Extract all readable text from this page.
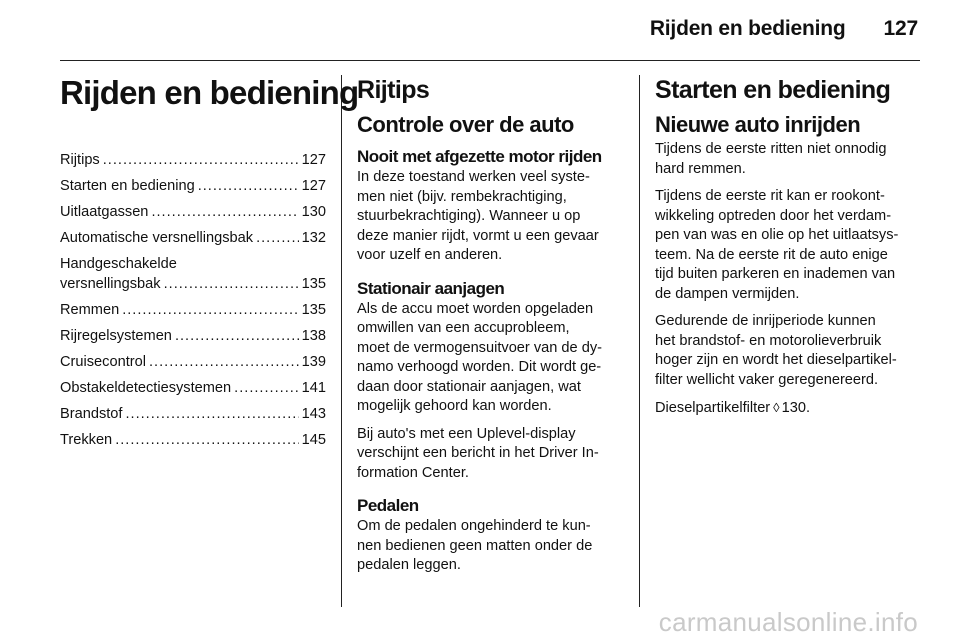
Rijden en bediening 127
Rijden en bediening
Rijtips .....	127
Starten en bediening .....	127
Uitlaatgassen .....	130
Automatische versnellingsbak .....	132
Handgeschakelde
versnellingsbak .....	135
Remmen .....	135
Rijregelsystemen .....	138
Cruisecontrol .....	139
Obstakeldetectiesystemen .....	141
Brandstof .....	143
Trekken .....	145
Rijtips
Controle over de auto
Nooit met afgezette motor rijden

In deze toestand werken veel syste-
men niet (bijv. rembekrachtiging,
stuurbekrachtiging). Wanneer u op
deze manier rijdt, vormt u een gevaar
voor uzelf en anderen.

Stationair aanjagen

Als de accu moet worden opgeladen
omwillen van een accuprobleem,
moet de vermogensuitvoer van de dy-
namo verhoogd worden. Dit wordt ge-
daan door stationair aanjagen, wat
mogelijk gehoord kan worden.

Bij auto's met een Uplevel-display
verschijnt een bericht in het Driver In-
formation Center.

Pedalen

Om de pedalen ongehinderd te kun-
nen bedienen geen matten onder de
pedalen leggen.

Starten en bediening
Nieuwe auto inrijden

Tijdens de eerste ritten niet onnodig
hard remmen.

Tijdens de eerste rit kan er rookont-
wikkeling optreden door het verdam-
pen van was en olie op het uitlaatsys-
teem. Na de eerste rit de auto enige
tijd buiten parkeren en inademen van
de dampen vermijden.

Gedurende de inrijperiode kunnen
het brandstof- en motorolieverbruik
hoger zijn en wordt het dieselpartikel-
filter wellicht vaker geregenereerd.

Dieselpartikelfilter ◊ 130.

carmanualsonline.info
